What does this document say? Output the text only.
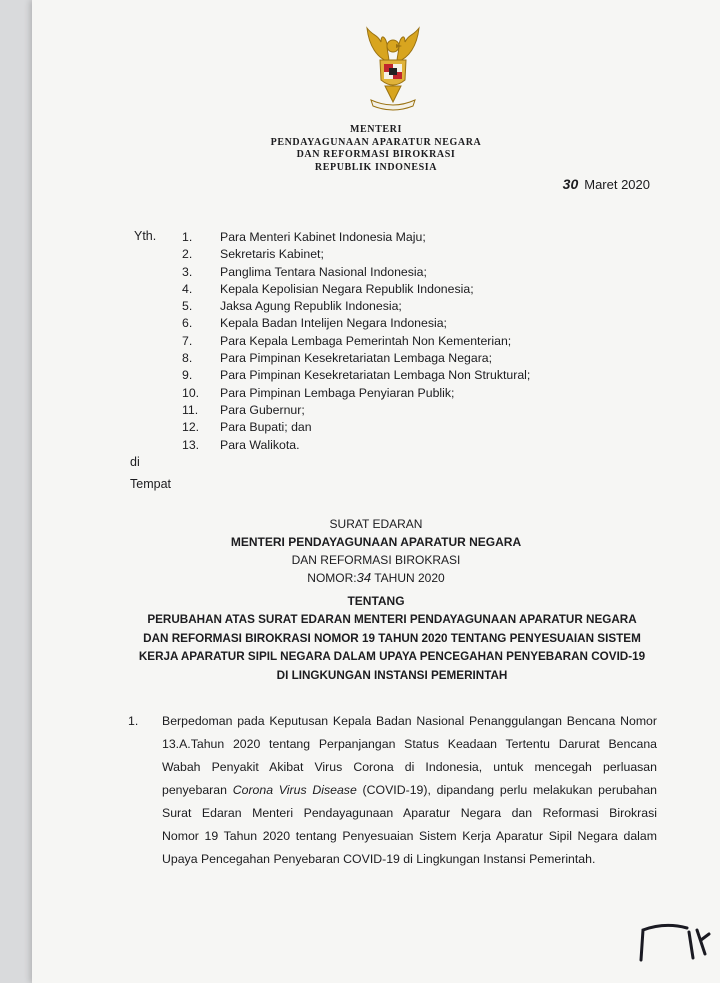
MENTERI
PENDAYAGUNAAN APARATUR NEGARA
DAN REFORMASI BIROKRASI
REPUBLIK INDONESIA
30 Maret 2020
Yth. 1. Para Menteri Kabinet Indonesia Maju;
2. Sekretaris Kabinet;
3. Panglima Tentara Nasional Indonesia;
4. Kepala Kepolisian Negara Republik Indonesia;
5. Jaksa Agung Republik Indonesia;
6. Kepala Badan Intelijen Negara Indonesia;
7. Para Kepala Lembaga Pemerintah Non Kementerian;
8. Para Pimpinan Kesekretariatan Lembaga Negara;
9. Para Pimpinan Kesekretariatan Lembaga Non Struktural;
10. Para Pimpinan Lembaga Penyiaran Publik;
11. Para Gubernur;
12. Para Bupati; dan
13. Para Walikota.
di
Tempat
SURAT EDARAN
MENTERI PENDAYAGUNAAN APARATUR NEGARA
DAN REFORMASI BIROKRASI
NOMOR:34 TAHUN 2020
TENTANG
PERUBAHAN ATAS SURAT EDARAN MENTERI PENDAYAGUNAAN APARATUR NEGARA
DAN REFORMASI BIROKRASI NOMOR 19 TAHUN 2020 TENTANG PENYESUAIAN SISTEM
KERJA APARATUR SIPIL NEGARA DALAM UPAYA PENCEGAHAN PENYEBARAN COVID-19
DI LINGKUNGAN INSTANSI PEMERINTAH
1. Berpedoman pada Keputusan Kepala Badan Nasional Penanggulangan Bencana Nomor
13.A.Tahun 2020 tentang Perpanjangan Status Keadaan Tertentu Darurat Bencana
Wabah Penyakit Akibat Virus Corona di Indonesia, untuk mencegah perluasan
penyebaran Corona Virus Disease (COVID-19), dipandang perlu melakukan perubahan
Surat Edaran Menteri Pendayagunaan Aparatur Negara dan Reformasi Birokrasi
Nomor 19 Tahun 2020 tentang Penyesuaian Sistem Kerja Aparatur Sipil Negara dalam
Upaya Pencegahan Penyebaran COVID-19 di Lingkungan Instansi Pemerintah.
